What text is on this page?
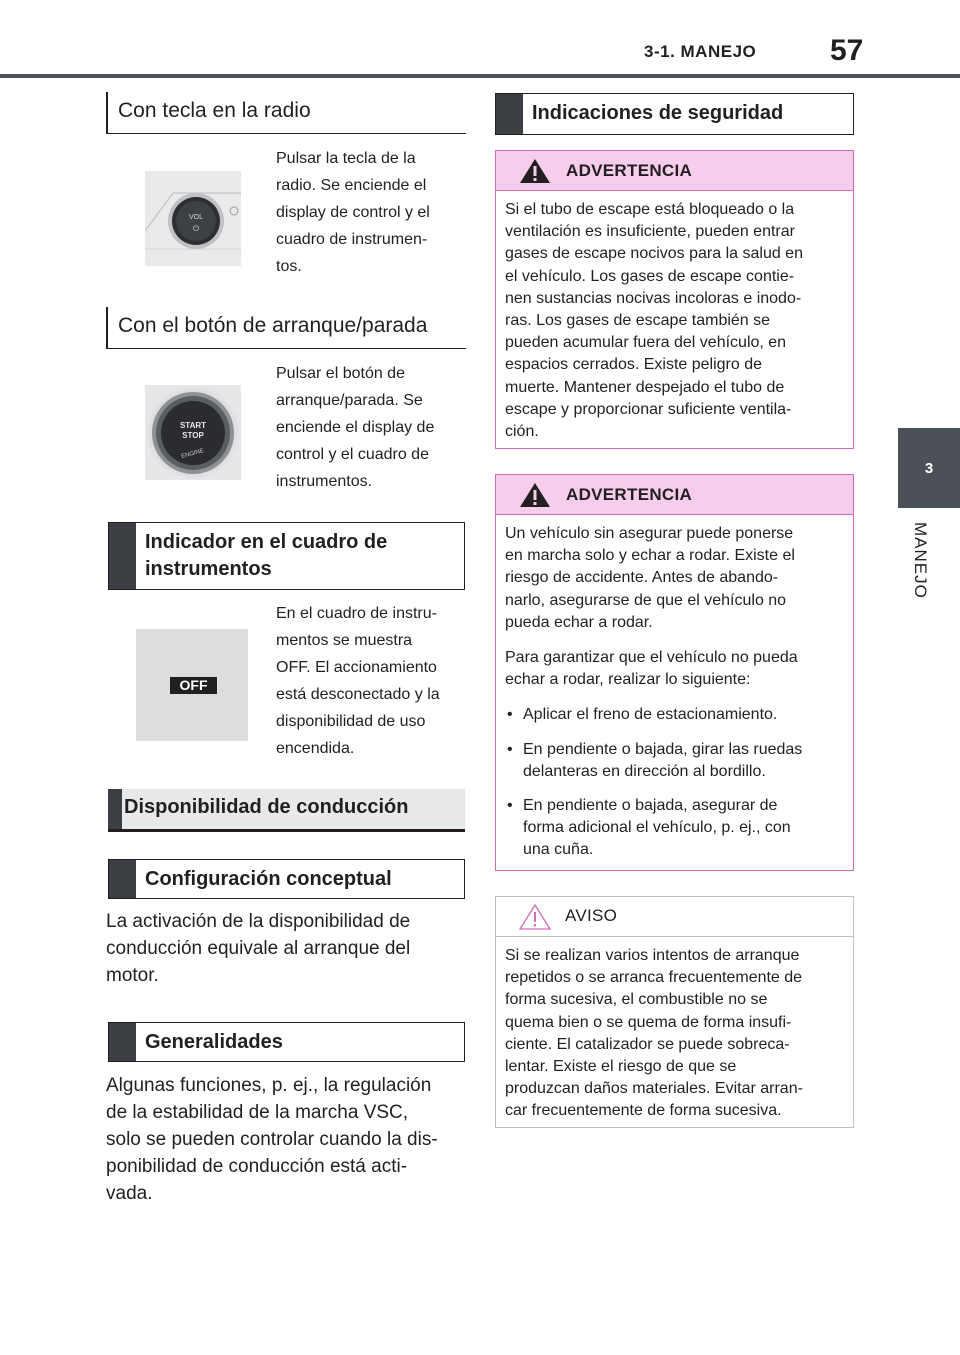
3-1. MANEJO 57
3
MANEJO
Con tecla en la radio
VOL
⏻
Pulsar la tecla de la
radio. Se enciende el
display de control y el
cuadro de instrumen-
tos.
Con el botón de arranque/parada
START
STOP
ENGINE
Pulsar el botón de
arranque/parada. Se
enciende el display de
control y el cuadro de
instrumentos.
Indicador en el cuadro de
instrumentos
OFF
En el cuadro de instru-
mentos se muestra
OFF. El accionamiento
está desconectado y la
disponibilidad de uso
encendida.
Disponibilidad de conducción
Configuración conceptual
La activación de la disponibilidad de
conducción equivale al arranque del
motor.
Generalidades
Algunas funciones, p. ej., la regulación
de la estabilidad de la marcha VSC,
solo se pueden controlar cuando la dis-
ponibilidad de conducción está acti-
vada.
Indicaciones de seguridad
ADVERTENCIA
Si el tubo de escape está bloqueado o la
ventilación es insuficiente, pueden entrar
gases de escape nocivos para la salud en
el vehículo. Los gases de escape contie-
nen sustancias nocivas incoloras e inodo-
ras. Los gases de escape también se
pueden acumular fuera del vehículo, en
espacios cerrados. Existe peligro de
muerte. Mantener despejado el tubo de
escape y proporcionar suficiente ventila-
ción.
ADVERTENCIA

Un vehículo sin asegurar puede ponerse
en marcha solo y echar a rodar. Existe el
riesgo de accidente. Antes de abando-
narlo, asegurarse de que el vehículo no
pueda echar a rodar.

Para garantizar que el vehículo no pueda
echar a rodar, realizar lo siguiente:

• Aplicar el freno de estacionamiento.
• En pendiente o bajada, girar las ruedas
delanteras en dirección al bordillo.
• En pendiente o bajada, asegurar de
forma adicional el vehículo, p. ej., con
una cuña.
AVISO
Si se realizan varios intentos de arranque
repetidos o se arranca frecuentemente de
forma sucesiva, el combustible no se
quema bien o se quema de forma insufi-
ciente. El catalizador se puede sobreca-
lentar. Existe el riesgo de que se
produzcan daños materiales. Evitar arran-
car frecuentemente de forma sucesiva.
